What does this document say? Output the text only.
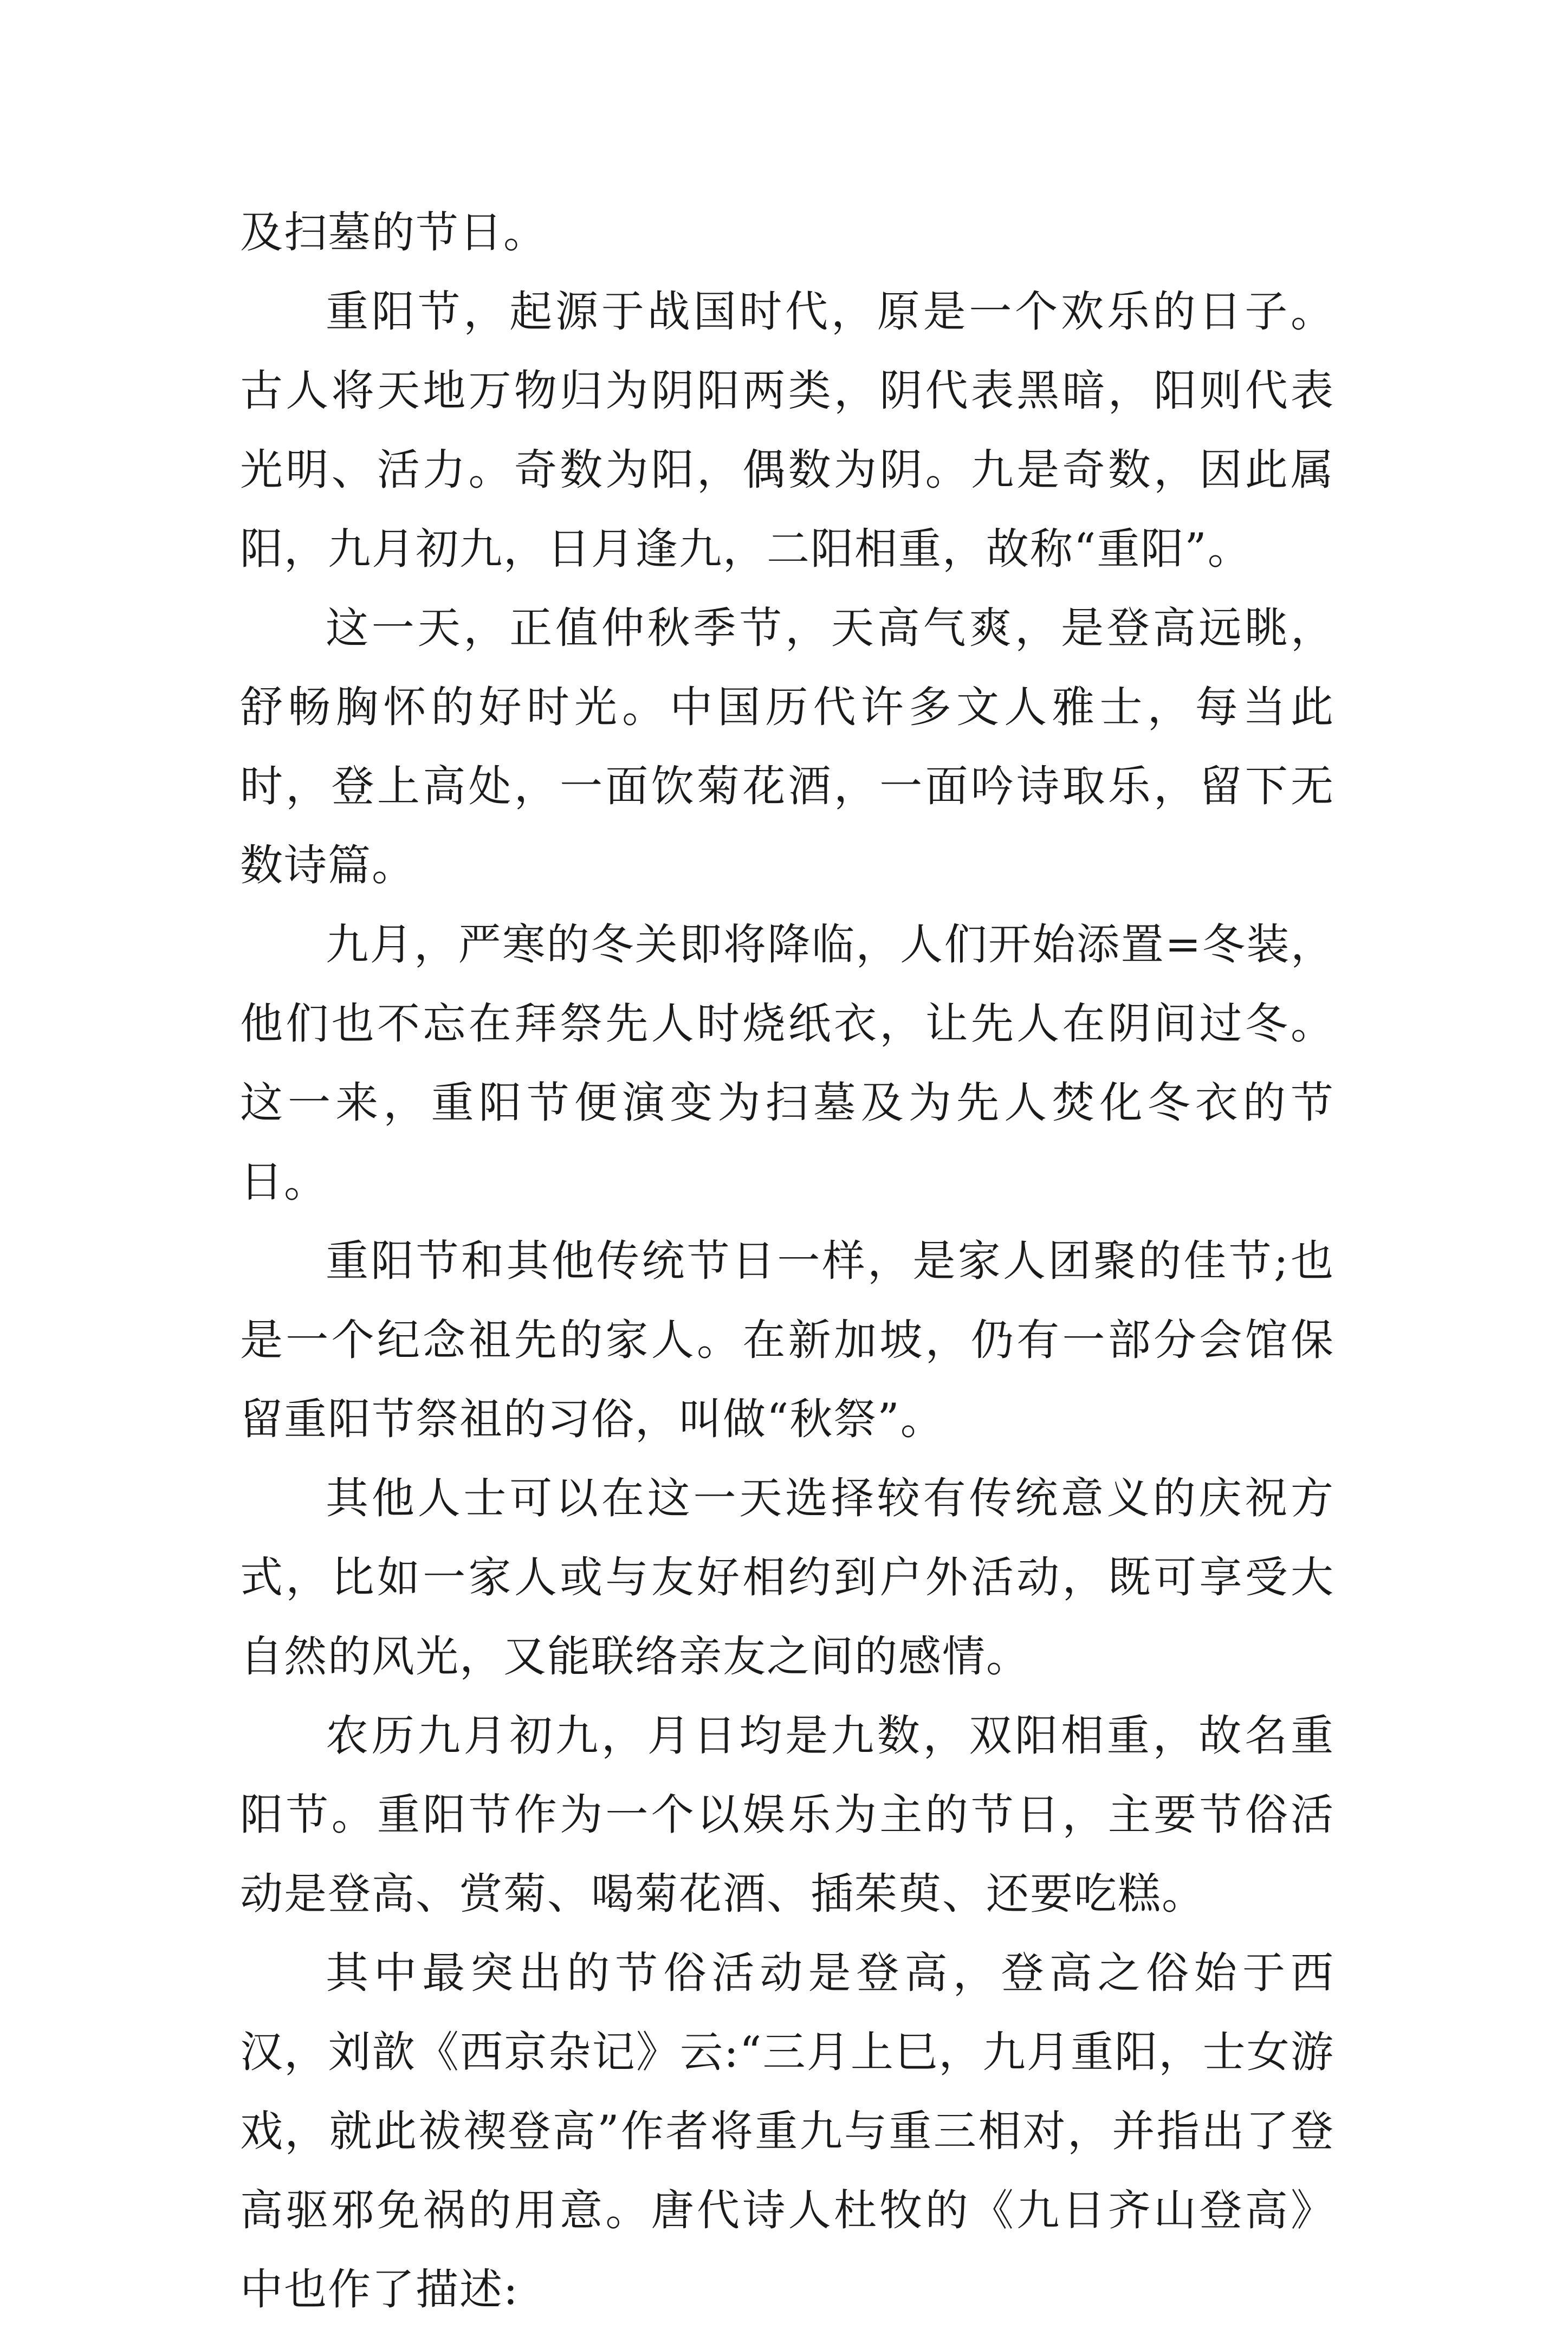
及扫墓的节日。

重阳节，起源于战国时代，原是一个欢乐的日子。古人将天地万物归为阴阳两类，阴代表黑暗，阳则代表光明、活力。奇数为阳，偶数为阴。九是奇数，因此属阳，九月初九，日月逢九，二阳相重，故称“重阳”。

这一天，正值仲秋季节，天高气爽，是登高远眺，舒畅胸怀的好时光。中国历代许多文人雅士，每当此时，登上高处，一面饮菊花酒，一面吟诗取乐，留下无数诗篇。

九月，严寒的冬关即将降临，人们开始添置=冬装，他们也不忘在拜祭先人时烧纸衣，让先人在阴间过冬。这一来，重阳节便演变为扫墓及为先人焚化冬衣的节日。

重阳节和其他传统节日一样，是家人团聚的佳节;也是一个纪念祖先的家人。在新加坡，仍有一部分会馆保留重阳节祭祖的习俗，叫做“秋祭”。

其他人士可以在这一天选择较有传统意义的庆祝方式，比如一家人或与友好相约到户外活动，既可享受大自然的风光，又能联络亲友之间的感情。

农历九月初九，月日均是九数，双阳相重，故名重阳节。重阳节作为一个以娱乐为主的节日，主要节俗活动是登高、赏菊、喝菊花酒、插茱萸、还要吃糕。

其中最突出的节俗活动是登高，登高之俗始于西汉，刘歆《西京杂记》云:“三月上巳，九月重阳，士女游戏，就此祓禊登高”作者将重九与重三相对，并指出了登高驱邪免祸的用意。唐代诗人杜牧的《九日齐山登高》中也作了描述:
